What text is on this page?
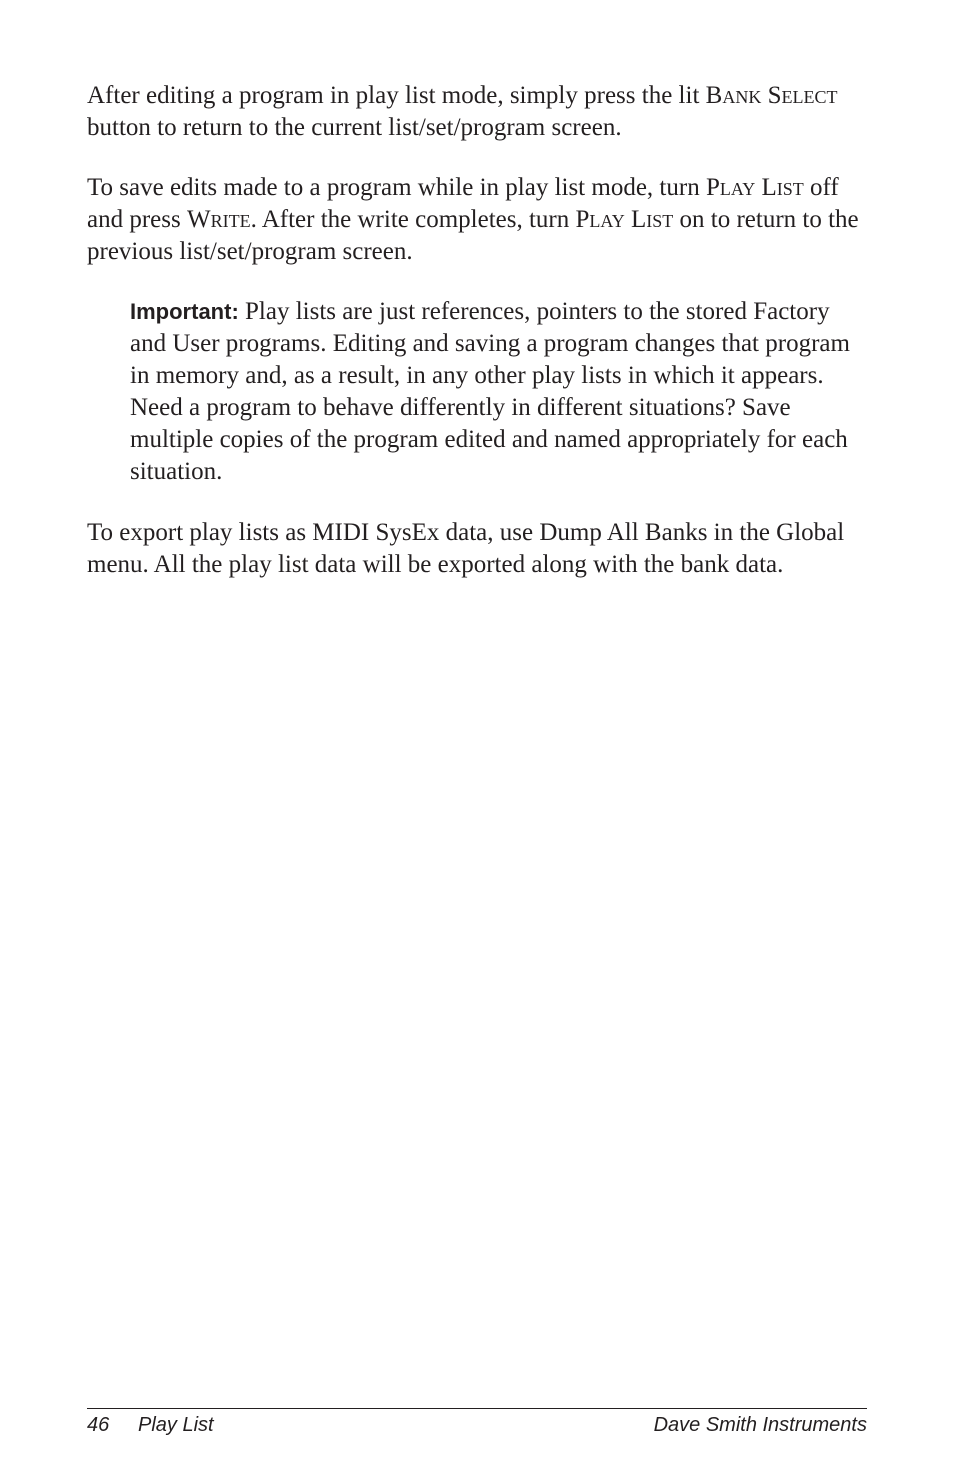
After editing a program in play list mode, simply press the lit Bank Select button to return to the current list/set/program screen.

To save edits made to a program while in play list mode, turn Play List off and press Write. After the write completes, turn Play List on to return to the previous list/set/program screen.

Important: Play lists are just references, pointers to the stored Factory and User programs. Editing and saving a program changes that program in memory and, as a result, in any other play lists in which it appears. Need a program to behave differently in different situations? Save multiple copies of the program edited and named appropriately for each situation.

To export play lists as MIDI SysEx data, use Dump All Banks in the Global menu. All the play list data will be exported along with the bank data.

46 Play List	Dave Smith Instruments
